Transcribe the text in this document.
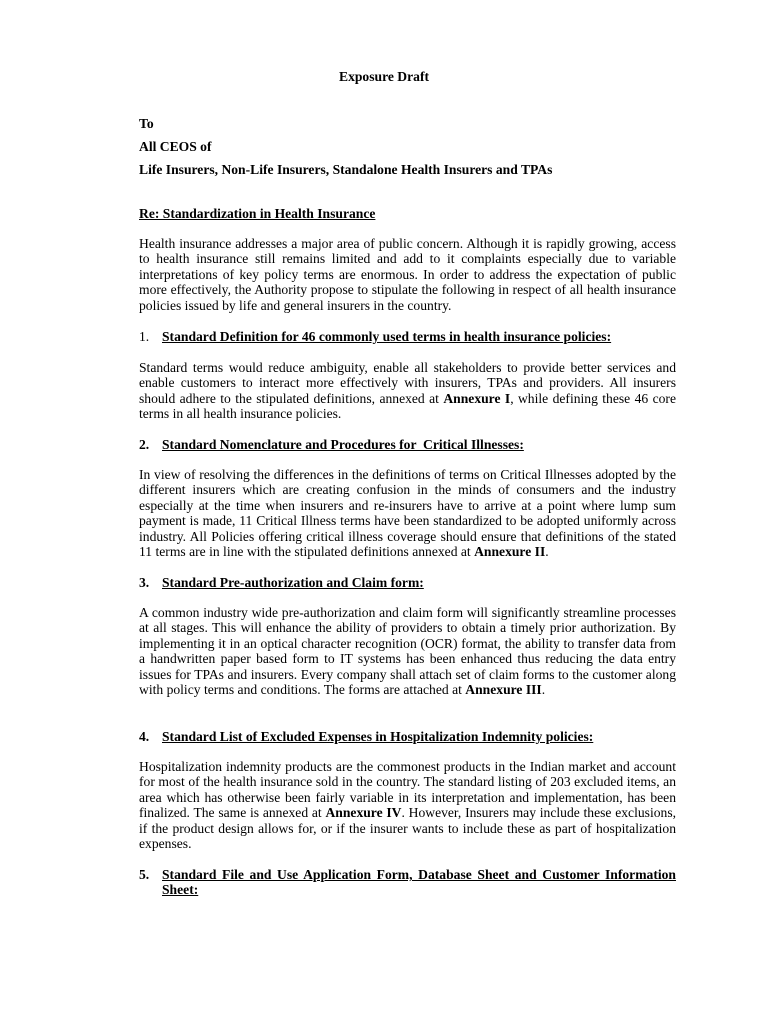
Exposure Draft
To
All CEOS of
Life Insurers, Non-Life Insurers, Standalone Health Insurers and TPAs
Re: Standardization in Health Insurance

Health insurance addresses a major area of public concern. Although it is rapidly growing, access to health insurance still remains limited and add to it complaints especially due to variable interpretations of key policy terms are enormous. In order to address the expectation of public more effectively, the Authority propose to stipulate the following in respect of all health insurance policies issued by life and general insurers in the country.

1. Standard Definition for 46 commonly used terms in health insurance policies:

Standard terms would reduce ambiguity, enable all stakeholders to provide better services and enable customers to interact more effectively with insurers, TPAs and providers. All insurers should adhere to the stipulated definitions, annexed at Annexure I, while defining these 46 core terms in all health insurance policies.

2. Standard Nomenclature and Procedures for  Critical Illnesses:

In view of resolving the differences in the definitions of terms on Critical Illnesses adopted by the different insurers which are creating confusion in the minds of consumers and the industry especially at the time when insurers and re-insurers have to arrive at a point where lump sum payment is made, 11 Critical Illness terms have been standardized to be adopted uniformly across industry. All Policies offering critical illness coverage should ensure that definitions of the stated 11 terms are in line with the stipulated definitions annexed at Annexure II.

3. Standard Pre-authorization and Claim form:

A common industry wide pre-authorization and claim form will significantly streamline processes at all stages. This will enhance the ability of providers to obtain a timely prior authorization. By implementing it in an optical character recognition (OCR) format, the ability to transfer data from a handwritten paper based form to IT systems has been enhanced thus reducing the data entry issues for TPAs and insurers. Every company shall attach set of claim forms to the customer along with policy terms and conditions. The forms are attached at Annexure III.

4. Standard List of Excluded Expenses in Hospitalization Indemnity policies:

Hospitalization indemnity products are the commonest products in the Indian market and account for most of the health insurance sold in the country. The standard listing of 203 excluded items, an area which has otherwise been fairly variable in its interpretation and implementation, has been finalized. The same is annexed at Annexure IV. However, Insurers may include these exclusions, if the product design allows for, or if the insurer wants to include these as part of hospitalization expenses.

5. Standard File and Use Application Form, Database Sheet and Customer Information Sheet:
